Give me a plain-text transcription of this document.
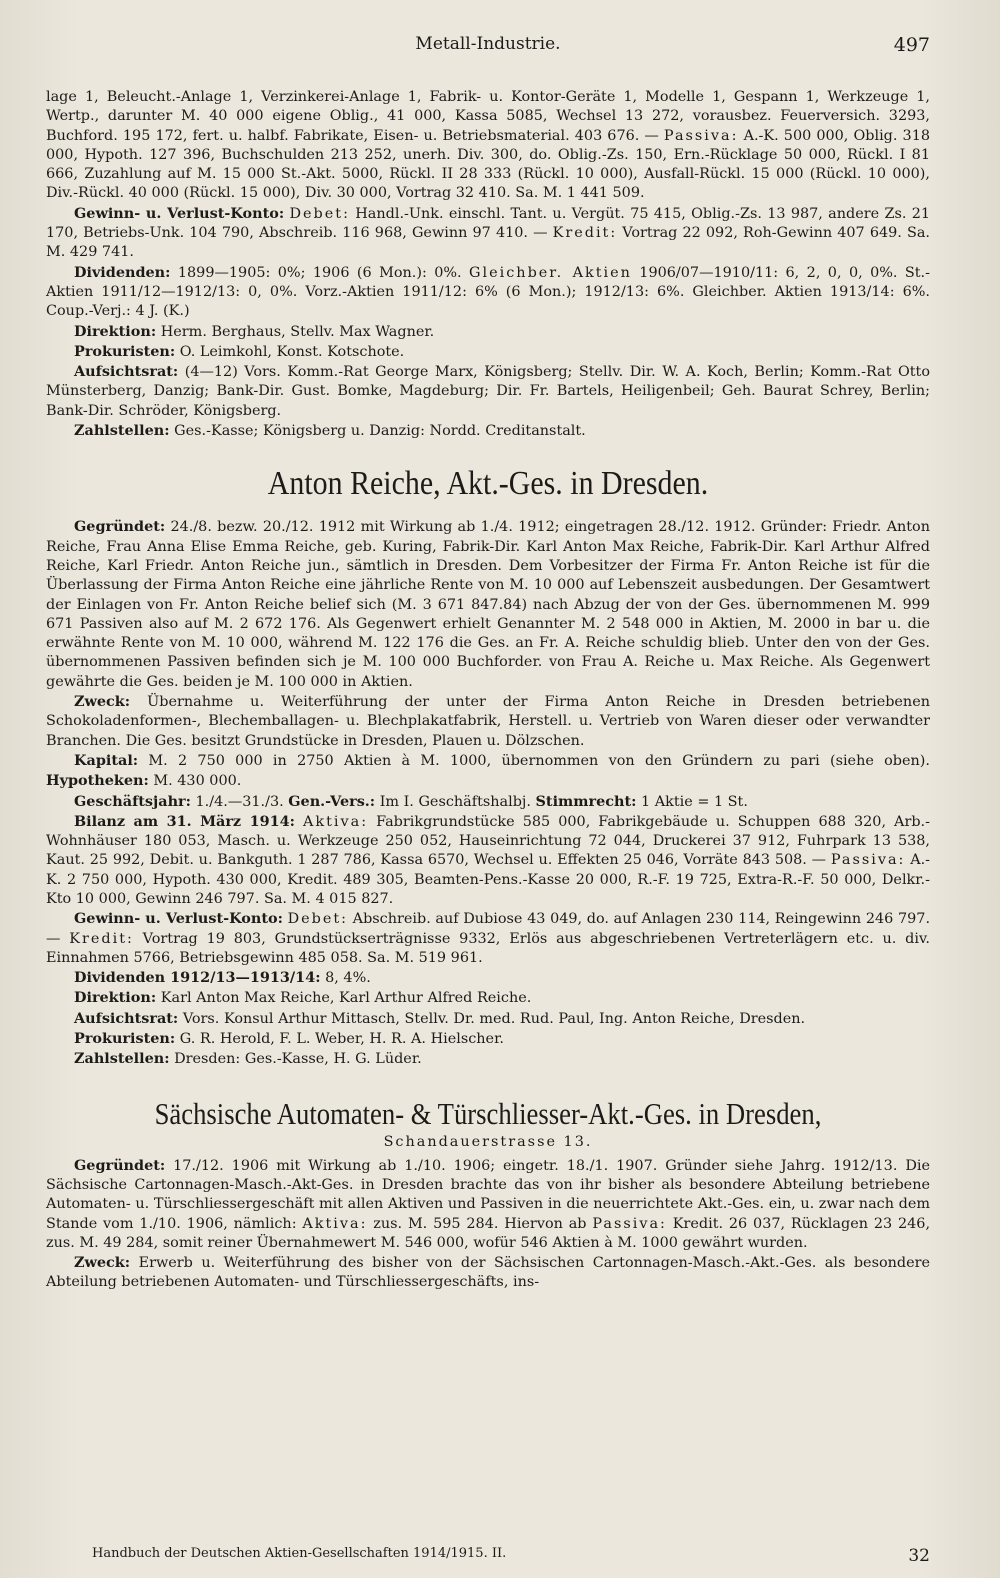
Metall-Industrie.	497

lage 1, Beleucht.-Anlage 1, Verzinkerei-Anlage 1, Fabrik- u. Kontor-Geräte 1, Modelle 1, Gespann 1, Werkzeuge 1, Wertp., darunter M. 40 000 eigene Oblig., 41 000, Kassa 5085, Wechsel 13 272, vorausbez. Feuerversich. 3293, Buchford. 195 172, fert. u. halbf. Fabrikate, Eisen- u. Betriebsmaterial. 403 676. — Passiva: A.-K. 500 000, Oblig. 318 000, Hypoth. 127 396, Buchschulden 213 252, unerh. Div. 300, do. Oblig.-Zs. 150, Ern.-Rücklage 50 000, Rückl. I 81 666, Zuzahlung auf M. 15 000 St.-Akt. 5000, Rückl. II 28 333 (Rückl. 10 000), Ausfall-Rückl. 15 000 (Rückl. 10 000), Div.-Rückl. 40 000 (Rückl. 15 000), Div. 30 000, Vortrag 32 410. Sa. M. 1 441 509.

Gewinn- u. Verlust-Konto: Debet: Handl.-Unk. einschl. Tant. u. Vergüt. 75 415, Oblig.-Zs. 13 987, andere Zs. 21 170, Betriebs-Unk. 104 790, Abschreib. 116 968, Gewinn 97 410. — Kredit: Vortrag 22 092, Roh-Gewinn 407 649. Sa. M. 429 741.

Dividenden: 1899—1905: 0%; 1906 (6 Mon.): 0%. Gleichber. Aktien 1906/07—1910/11: 6, 2, 0, 0, 0%. St.-Aktien 1911/12—1912/13: 0, 0%. Vorz.-Aktien 1911/12: 6% (6 Mon.); 1912/13: 6%. Gleichber. Aktien 1913/14: 6%. Coup.-Verj.: 4 J. (K.)

Direktion: Herm. Berghaus, Stellv. Max Wagner.

Prokuristen: O. Leimkohl, Konst. Kotschote.

Aufsichtsrat: (4—12) Vors. Komm.-Rat George Marx, Königsberg; Stellv. Dir. W. A. Koch, Berlin; Komm.-Rat Otto Münsterberg, Danzig; Bank-Dir. Gust. Bomke, Magdeburg; Dir. Fr. Bartels, Heiligenbeil; Geh. Baurat Schrey, Berlin; Bank-Dir. Schröder, Königsberg.

Zahlstellen: Ges.-Kasse; Königsberg u. Danzig: Nordd. Creditanstalt.

Anton Reiche, Akt.-Ges. in Dresden.

Gegründet: 24./8. bezw. 20./12. 1912 mit Wirkung ab 1./4. 1912; eingetragen 28./12. 1912. Gründer: Friedr. Anton Reiche, Frau Anna Elise Emma Reiche, geb. Kuring, Fabrik-Dir. Karl Anton Max Reiche, Fabrik-Dir. Karl Arthur Alfred Reiche, Karl Friedr. Anton Reiche jun., sämtlich in Dresden. Dem Vorbesitzer der Firma Fr. Anton Reiche ist für die Überlassung der Firma Anton Reiche eine jährliche Rente von M. 10 000 auf Lebenszeit ausbedungen. Der Gesamtwert der Einlagen von Fr. Anton Reiche belief sich (M. 3 671 847.84) nach Abzug der von der Ges. übernommenen M. 999 671 Passiven also auf M. 2 672 176. Als Gegenwert erhielt Genannter M. 2 548 000 in Aktien, M. 2000 in bar u. die erwähnte Rente von M. 10 000, während M. 122 176 die Ges. an Fr. A. Reiche schuldig blieb. Unter den von der Ges. übernommenen Passiven befinden sich je M. 100 000 Buchforder. von Frau A. Reiche u. Max Reiche. Als Gegenwert gewährte die Ges. beiden je M. 100 000 in Aktien.

Zweck: Übernahme u. Weiterführung der unter der Firma Anton Reiche in Dresden betriebenen Schokoladenformen-, Blechemballagen- u. Blechplakatfabrik, Herstell. u. Vertrieb von Waren dieser oder verwandter Branchen. Die Ges. besitzt Grundstücke in Dresden, Plauen u. Dölzschen.

Kapital: M. 2 750 000 in 2750 Aktien à M. 1000, übernommen von den Gründern zu pari (siehe oben). Hypotheken: M. 430 000.

Geschäftsjahr: 1./4.—31./3. Gen.-Vers.: Im I. Geschäftshalbj. Stimmrecht: 1 Aktie = 1 St.

Bilanz am 31. März 1914: Aktiva: Fabrikgrundstücke 585 000, Fabrikgebäude u. Schuppen 688 320, Arb.-Wohnhäuser 180 053, Masch. u. Werkzeuge 250 052, Hauseinrichtung 72 044, Druckerei 37 912, Fuhrpark 13 538, Kaut. 25 992, Debit. u. Bankguth. 1 287 786, Kassa 6570, Wechsel u. Effekten 25 046, Vorräte 843 508. — Passiva: A.-K. 2 750 000, Hypoth. 430 000, Kredit. 489 305, Beamten-Pens.-Kasse 20 000, R.-F. 19 725, Extra-R.-F. 50 000, Delkr.-Kto 10 000, Gewinn 246 797. Sa. M. 4 015 827.

Gewinn- u. Verlust-Konto: Debet: Abschreib. auf Dubiose 43 049, do. auf Anlagen 230 114, Reingewinn 246 797. — Kredit: Vortrag 19 803, Grundstückserträgnisse 9332, Erlös aus abgeschriebenen Vertreterlägern etc. u. div. Einnahmen 5766, Betriebsgewinn 485 058. Sa. M. 519 961.

Dividenden 1912/13—1913/14: 8, 4%.

Direktion: Karl Anton Max Reiche, Karl Arthur Alfred Reiche.

Aufsichtsrat: Vors. Konsul Arthur Mittasch, Stellv. Dr. med. Rud. Paul, Ing. Anton Reiche, Dresden.

Prokuristen: G. R. Herold, F. L. Weber, H. R. A. Hielscher.

Zahlstellen: Dresden: Ges.-Kasse, H. G. Lüder.

Sächsische Automaten- & Türschliesser-Akt.-Ges. in Dresden,
Schandauerstrasse 13.

Gegründet: 17./12. 1906 mit Wirkung ab 1./10. 1906; eingetr. 18./1. 1907. Gründer siehe Jahrg. 1912/13. Die Sächsische Cartonnagen-Masch.-Akt-Ges. in Dresden brachte das von ihr bisher als besondere Abteilung betriebene Automaten- u. Türschliessergeschäft mit allen Aktiven und Passiven in die neuerrichtete Akt.-Ges. ein, u. zwar nach dem Stande vom 1./10. 1906, nämlich: Aktiva: zus. M. 595 284. Hiervon ab Passiva: Kredit. 26 037, Rücklagen 23 246, zus. M. 49 284, somit reiner Übernahmewert M. 546 000, wofür 546 Aktien à M. 1000 gewährt wurden.

Zweck: Erwerb u. Weiterführung des bisher von der Sächsischen Cartonnagen-Masch.-Akt.-Ges. als besondere Abteilung betriebenen Automaten- und Türschliessergeschäfts, ins-

Handbuch der Deutschen Aktien-Gesellschaften 1914/1915. II.	32
